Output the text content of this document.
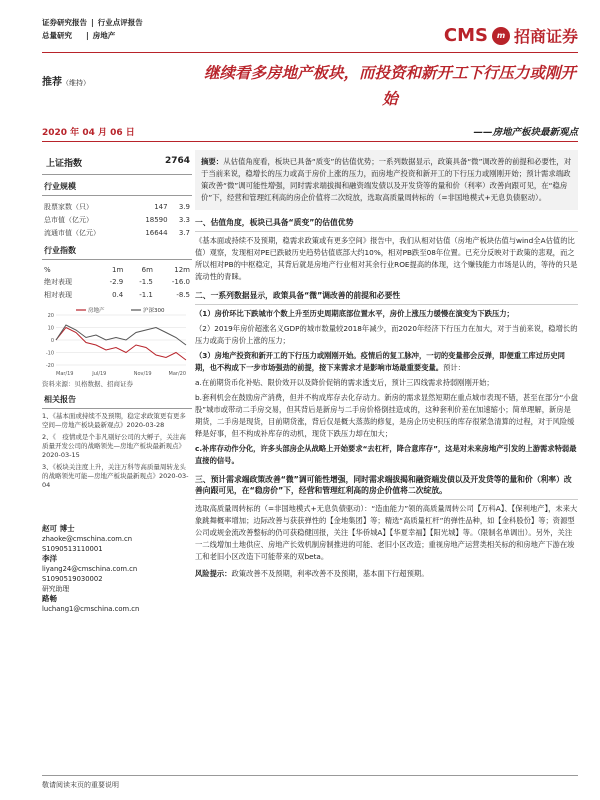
证券研究报告 | 行业点评报告
总量研究 | 房地产	CMS	m 招商证券
推荐（维持）
继续看多房地产板块，而投资和新开工下行压力或刚开始
2020 年 04 月 06 日	——房地产板块最新观点
上证指数	2764
行业规模
股票家数（只）	147	3.9
总市值（亿元）	18590	3.3
流通市值（亿元）	16644	3.7
行业指数
%	1m	6m	12m
绝对表现	-2.9	-1.5	-16.0
相对表现	0.4	-1.1	-8.5
20
10
0
-10
-20
Mar/19	Jul/19	Nov/19	Mar/20
房地产	沪深300
资料来源：贝格数据、招商证券
相关报告
1、《基本面或持续不及预期，稳定求政策更有更多空间—房地产板块最新观点》2020-03-28
2、《　疫情或是个非凡剔好公司的大孵子，关注高质量开发公司的战略领先—房地产板块最新观点》2020-03-15
3、《板块关注度上升，关注万科等高质量周转龙头的战略领先可能—房地产板块最新观点》2020-03-04
赵可 博士
zhaoke@cmschina.com.cn
S1090513110001
李洋
liyang24@cmschina.com.cn
S1090519030002
研究助理
路畅
luchang1@cmschina.com.cn
摘要：从估值角度看，板块已具备“质变”的估值优势；一系列数据显示，政策具备“微”调改善的前提和必要性，对于当前来说，稳增长的压力或高于房价上涨的压力，而房地产投资和新开工的下行压力或刚刚开始；预计需求端政策改善“微”调可能性增强，同时需求端拔揭和融资端发债以及开发贷等的量和价（利率）改善向跟可见，在“稳房价”下，经营和管理红利高的房企价值将二次绽放，选取高质量周转标的（=非国地模式+无息负债驱动）。
一、估值角度，板块已具备“质变”的估值优势
《基本面或持续不及预期，稳需求政策或有更多空间》报告中，我们从相对估值（房地产板块估值与wind全A估值的比值）观察，发现相对PE已跌破历史趋势估值底部大约10%，相对PB跌至08年位置。已充分反映对于政策的悲观，而之所以相对PB的中枢稳定，其背后就是房地产行业相对其余行业ROE提高的体现，这个赚钱能力市场是认的，等待的只是流动性的青睐。
二、一系列数据显示，政策具备“微”调改善的前提和必要性
（1）房价环比下跌城市个数上升至历史周期底部位置水平，房价上涨压力缓慢在演变为下跌压力；
（2）2019年房价超涨名义GDP的城市数量较2018年减少，而2020年经济下行压力在加大，对于当前来说，稳增长的压力或高于房价上涨的压力；
（3）房地产投资和新开工的下行压力或刚刚开始。疫情后的复工脉冲，一切的变量都会反弹，即便重工库过历史同期，也不构成下一步市场强劲的前提，接下来需求才是影响市场最重要变量。预计：
a.在前期货币化补贴、限价效开以及降价促销的需求透支后，预计三四线需求持弱刚刚开始；
b.套利机会在鼓励房产消费，但并不构成库存去化存动力。新房的需求显然短期在重点城市表现不错，甚至在部分“小盘股”城市或带动二手房交易，但其背后是新房与二手房价格倒挂造成的，这种套利价差在加速缩小；简单理解，新房是期货，二手房是现货，目前期货涨，背后仅是概大蒸蒸的修复，是房企历史积压的库存很紧急清算的过程，对于风险缓释是好事，但不构成补库存的动机，现货下跌压力却在加大；
c.补库存动作分化，许多头部房企从战略上开始要求“去杠杆，降合意库存”，这是对未来房地产引发的上游需求特弱最直接的信号。
三、预计需求端政策改善“微”调可能性增强，同时需求端拔揭和融资端发债以及开发贷等的量和价（利率）改善向跟可见，在“稳房价”下，经营和管理红利高的房企价值将二次绽放。
选取高质量周转标的（=非国地模式+无息负债驱动）：“造血能力”领的高质量周转公司【万科A】、【保利地产】，未来大象跳舞概率增加；边际改善与获获弹性的【金地集团】等；精选“高质量杠杆”的弹性品种，如【金科股份】等；资源型公司或规金流改善整标的仍可获稳健回报，关注【华侨城A】【华夏幸福】【阳光城】等。（限制名单调出）。另外，关注一二线增加土地供应、房地产长效机制房制推进的可能、老旧小区改造；重视房地产运营类相关标的和房地产下游在竣工和老旧小区改造下可能带来的双beta。
风险提示：政策改善不及预期，利率改善不及预期，基本面下行超预期。
敬请阅读末页的重要说明
